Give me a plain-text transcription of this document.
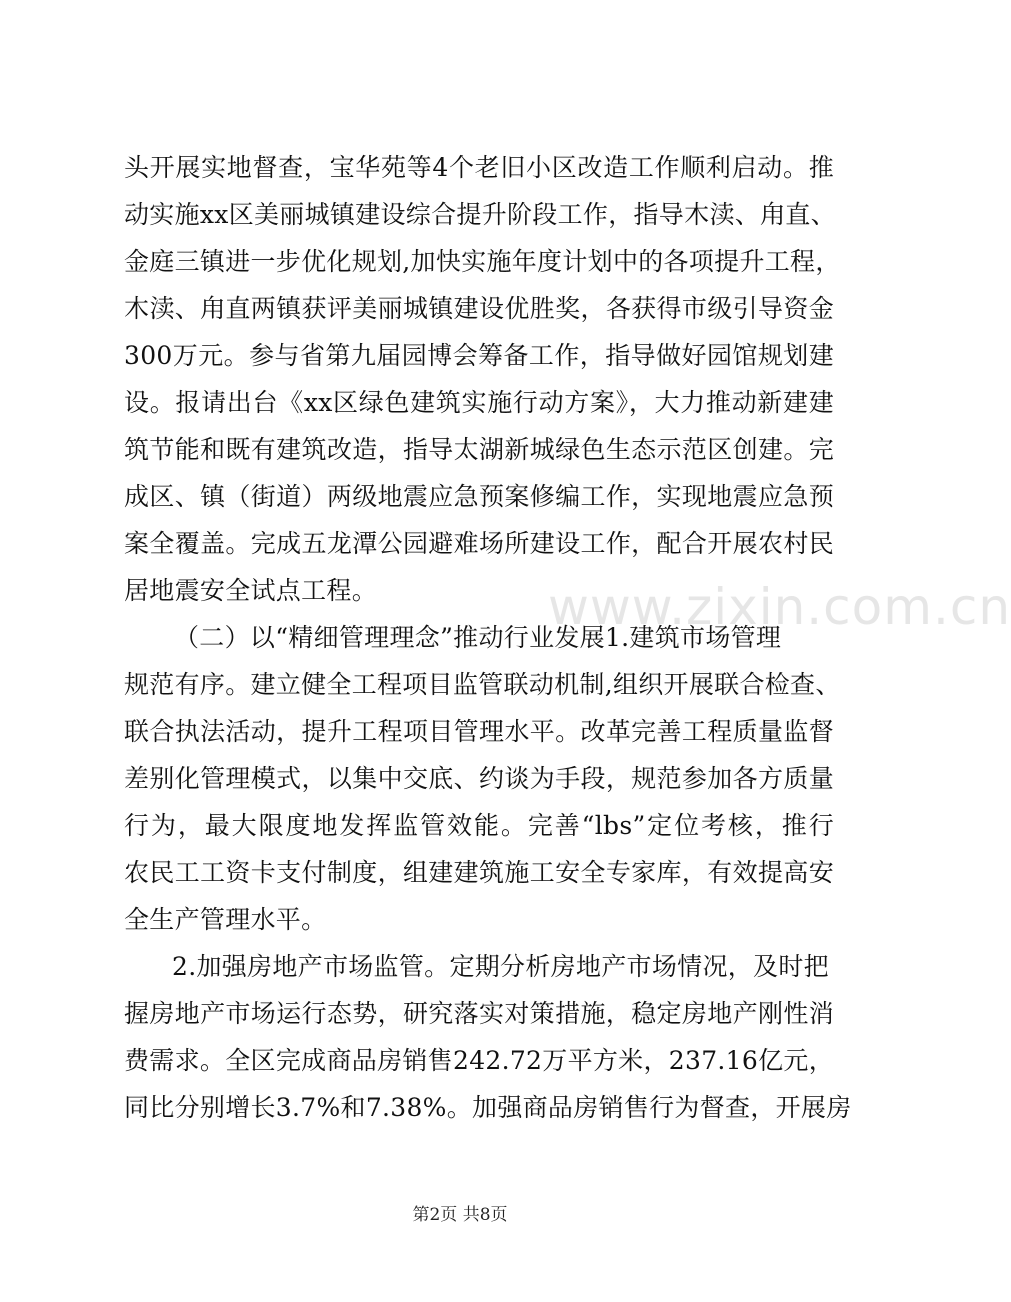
www.zixin.com.cn
头开展实地督查，宝华苑等4个老旧小区改造工作顺利启动。推
动实施xx区美丽城镇建设综合提升阶段工作，指导木渎、甪直、
金庭三镇进一步优化规划,加快实施年度计划中的各项提升工程，
木渎、甪直两镇获评美丽城镇建设优胜奖，各获得市级引导资金
300万元。参与省第九届园博会筹备工作，指导做好园馆规划建
设。报请出台《xx区绿色建筑实施行动方案》，大力推动新建建
筑节能和既有建筑改造，指导太湖新城绿色生态示范区创建。完
成区、镇（街道）两级地震应急预案修编工作，实现地震应急预
案全覆盖。完成五龙潭公园避难场所建设工作，配合开展农村民
居地震安全试点工程。
（二）以“精细管理理念”推动行业发展1.建筑市场管理
规范有序。建立健全工程项目监管联动机制,组织开展联合检查、
联合执法活动，提升工程项目管理水平。改革完善工程质量监督
差别化管理模式，以集中交底、约谈为手段，规范参加各方质量
行为，最大限度地发挥监管效能。完善“lbs”定位考核，推行
农民工工资卡支付制度，组建建筑施工安全专家库，有效提高安
全生产管理水平。
2.加强房地产市场监管。定期分析房地产市场情况，及时把
握房地产市场运行态势，研究落实对策措施，稳定房地产刚性消
费需求。全区完成商品房销售242.72万平方米，237.16亿元，
同比分别增长3.7%和7.38%。加强商品房销售行为督查，开展房
第2页 共8页
